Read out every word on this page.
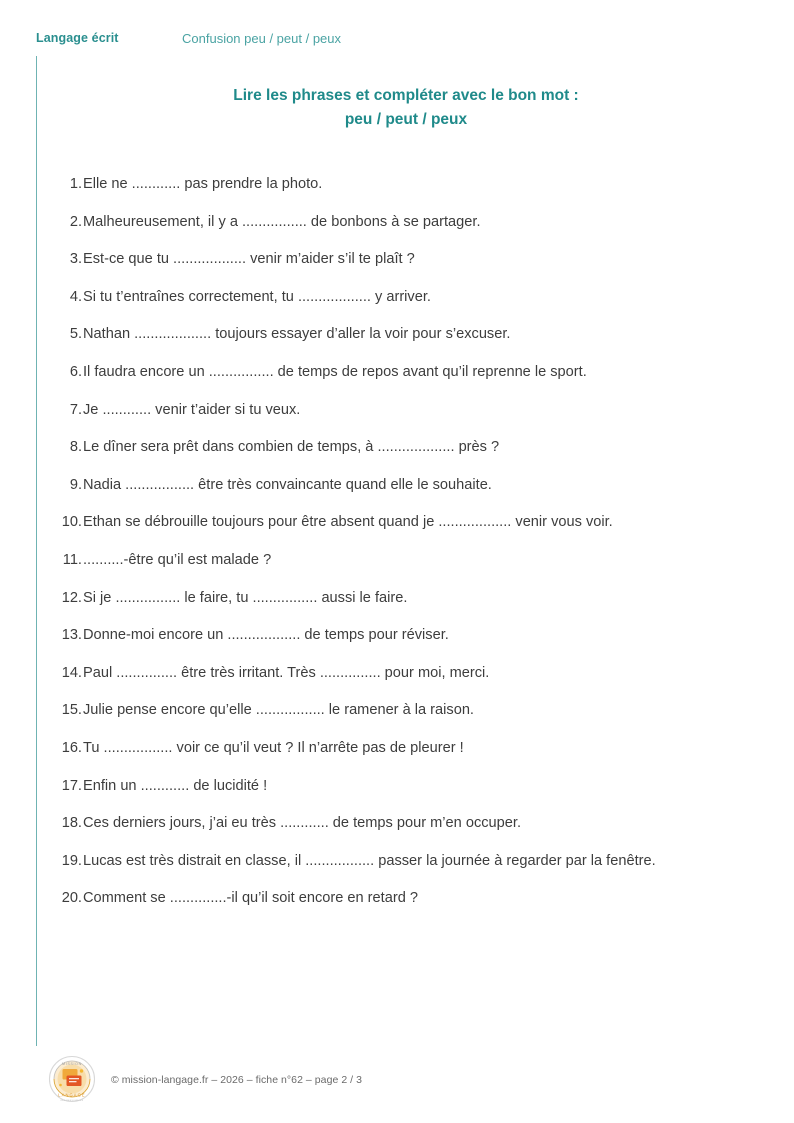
Langage écrit	Confusion peu / peut / peux
Lire les phrases et compléter avec le bon mot :
peu / peut / peux
1. Elle ne ............ pas prendre la photo.
2. Malheureusement, il y a ................ de bonbons à se partager.
3. Est-ce que tu .................. venir m’aider s’il te plaît ?
4. Si tu t’entraînes correctement, tu .................. y arriver.
5. Nathan ................... toujours essayer d’aller la voir pour s’excuser.
6. Il faudra encore un ................ de temps de repos avant qu’il reprenne le sport.
7. Je ............ venir t’aider si tu veux.
8. Le dîner sera prêt dans combien de temps, à ................... près ?
9. Nadia ................. être très convaincante quand elle le souhaite.
10. Ethan se débrouille toujours pour être absent quand je .................. venir vous voir.
11. ..........-être qu’il est malade ?
12. Si je ................ le faire, tu ................ aussi le faire.
13. Donne-moi encore un .................. de temps pour réviser.
14. Paul ............... être très irritant. Très ............... pour moi, merci.
15. Julie pense encore qu’elle ................. le ramener à la raison.
16. Tu ................. voir ce qu’il veut ? Il n’arrête pas de pleurer !
17. Enfin un ............ de lucidité !
18. Ces derniers jours, j’ai eu très ............ de temps pour m’en occuper.
19. Lucas est très distrait en classe, il ................. passer la journée à regarder par la fenêtre.
20. Comment se ..............-il qu’il soit encore en retard ?
MISSION
LANGAGE
DES RESSOURCES
© mission-langage.fr – 2026 – fiche n°62 – page 2 / 3
